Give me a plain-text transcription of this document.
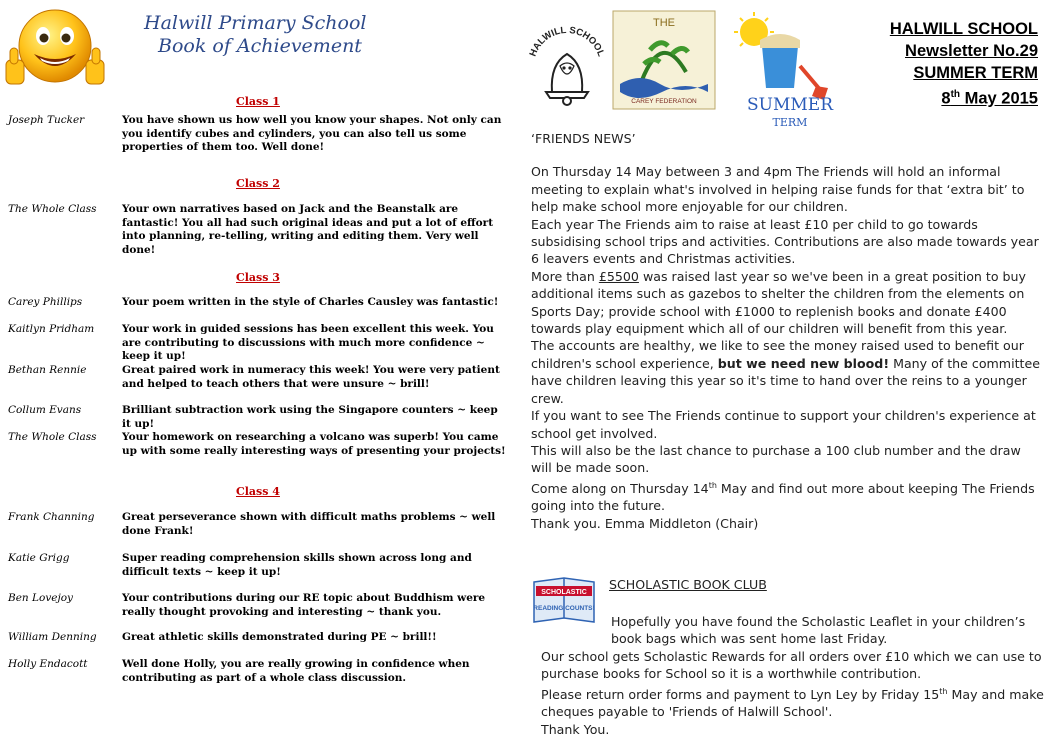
Halwill Primary School
Book of Achievement
Class 1
Joseph Tucker	You have shown us how well you know your shapes. Not only can you identify cubes and cylinders, you can also tell us some properties of them too. Well done!
Class 2
The Whole Class	Your own narratives based on Jack and the Beanstalk are fantastic! You all had such original ideas and put a lot of effort into planning, re-telling, writing and editing them. Very well done!
Class 3
Carey Phillips	Your poem written in the style of Charles Causley was fantastic!
Kaitlyn Pridham	Your work in guided sessions has been excellent this week. You are contributing to discussions with much more confidence ~ keep it up!
Bethan Rennie	Great paired work in numeracy this week! You were very patient and helped to teach others that were unsure ~ brill!
Collum Evans	Brilliant subtraction work using the Singapore counters ~ keep it up!
The Whole Class	Your homework on researching a volcano was superb! You came up with some really interesting ways of presenting your projects!
Class 4
Frank Channing	Great perseverance shown with difficult maths problems ~ well done Frank!
Katie Grigg	Super reading comprehension skills shown across long and difficult texts ~ keep it up!
Ben Lovejoy	Your contributions during our RE topic about Buddhism were really thought provoking and interesting ~ thank you.
William Denning	Great athletic skills demonstrated during PE ~ brill!!
Holly Endacott	Well done Holly, you are really growing in confidence when contributing as part of a whole class discussion.
HALWILL SCHOOL
THE
CAREY FEDERATION	SUMMER
TERM
HALWILL SCHOOL
Newsletter No.29
SUMMER TERM
8th May 2015

‘FRIENDS NEWS’

On Thursday 14 May between 3 and 4pm The Friends will hold an informal meeting to explain what's involved in helping raise funds for that ‘extra bit’ to help make school more enjoyable for our children.

Each year The Friends aim to raise at least £10 per child to go towards subsidising school trips and activities. Contributions are also made towards year 6 leavers events and Christmas activities.

More than £5500 was raised last year so we've been in a great position to buy additional items such as gazebos to shelter the children from the elements on Sports Day; provide school with £1000 to replenish books and donate £400 towards play equipment which all of our children will benefit from this year.

The accounts are healthy, we like to see the money raised used to benefit our children's school experience, but we need new blood! Many of the committee have children leaving this year so it's time to hand over the reins to a younger crew.

If you want to see The Friends continue to support your children's experience at school get involved.

This will also be the last chance to purchase a 100 club number and the draw will be made soon.

Come along on Thursday 14th May and find out more about keeping The Friends going into the future.

Thank you. Emma Middleton (Chair)

SCHOLASTIC
READING COUNTS!
SCHOLASTIC BOOK CLUB

Hopefully you have found the Scholastic Leaflet in your children’s book bags which was sent home last Friday.

Our school gets Scholastic Rewards for all orders over £10 which we can use to purchase books for School so it is a worthwhile contribution.

Please return order forms and payment to Lyn Ley by Friday 15th May and make cheques payable to 'Friends of Halwill School'.

Thank You.
